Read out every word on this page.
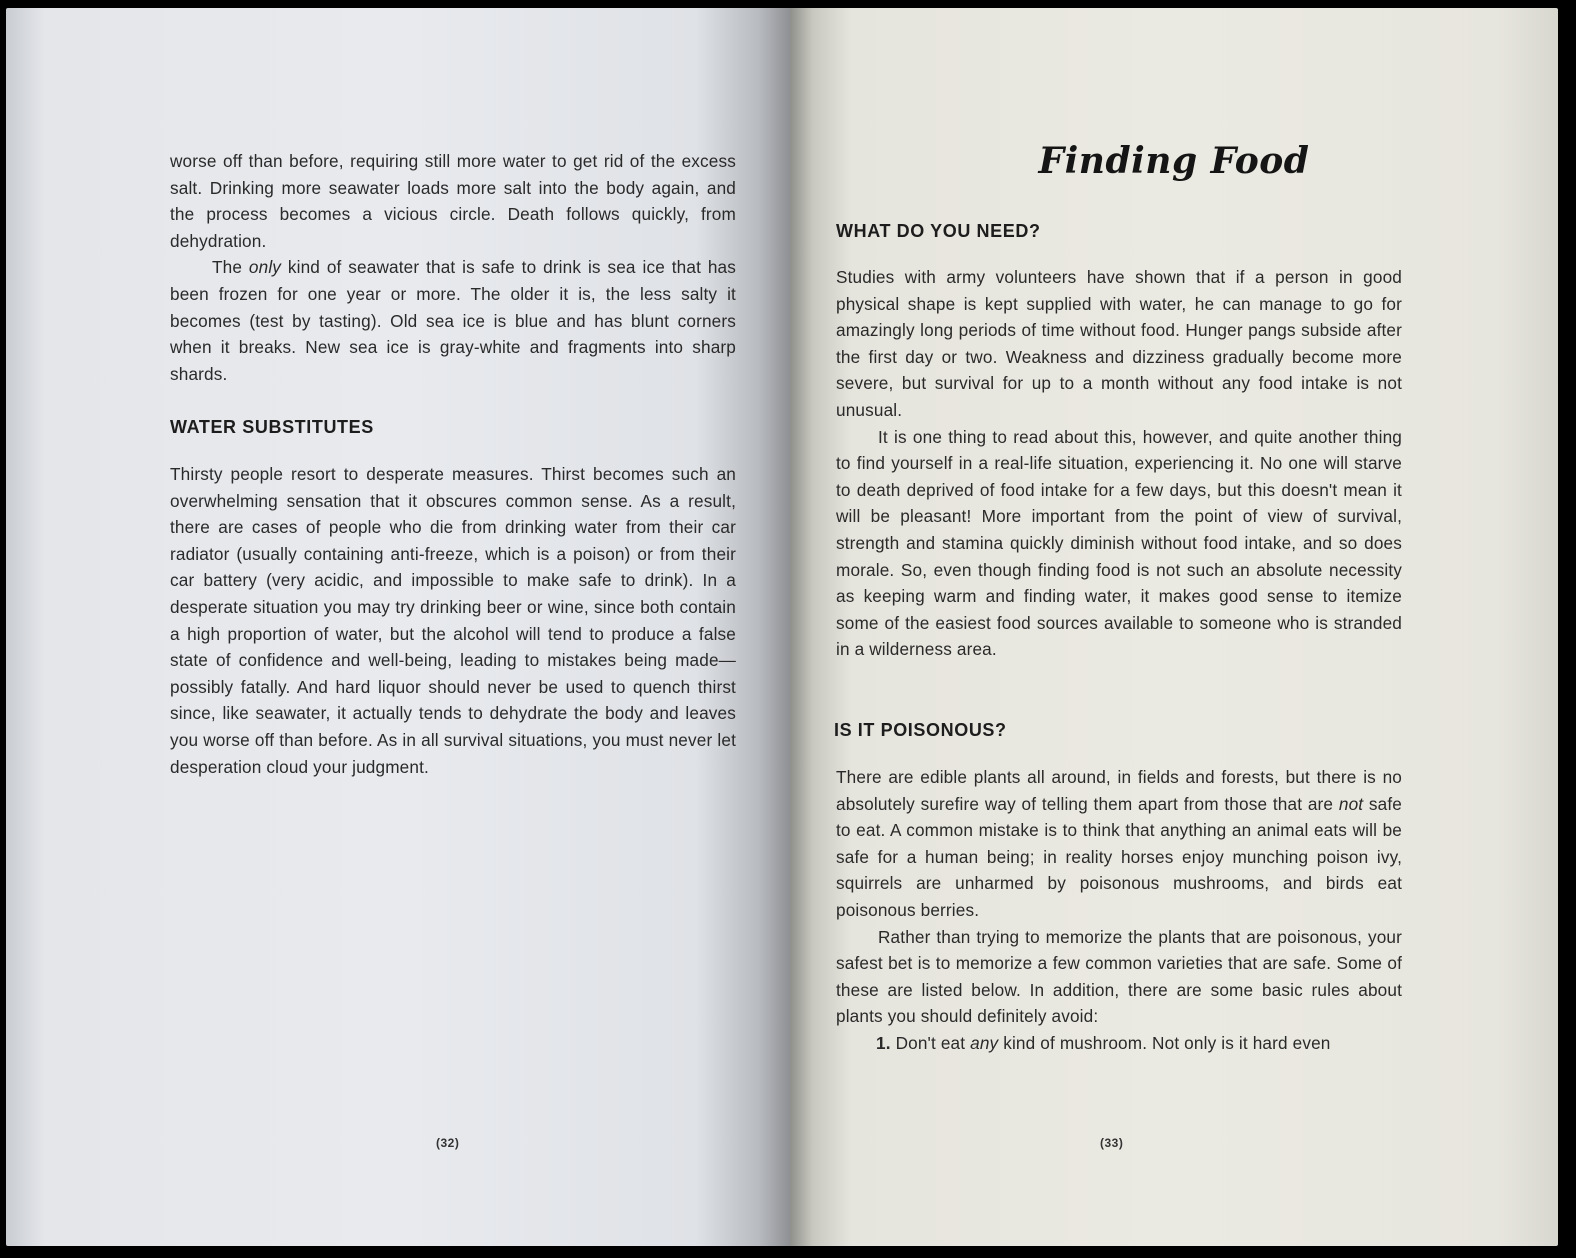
worse off than before, requiring still more water to get rid of the excess salt. Drinking more seawater loads more salt into the body again, and the process becomes a vicious circle. Death follows quickly, from dehydration.

The only kind of seawater that is safe to drink is sea ice that has been frozen for one year or more. The older it is, the less salty it becomes (test by tasting). Old sea ice is blue and has blunt corners when it breaks. New sea ice is gray-white and fragments into sharp shards.

WATER SUBSTITUTES

Thirsty people resort to desperate measures. Thirst becomes such an overwhelming sensation that it obscures common sense. As a result, there are cases of people who die from drinking water from their car radiator (usually containing anti-freeze, which is a poison) or from their car battery (very acidic, and impossible to make safe to drink). In a desperate situation you may try drinking beer or wine, since both contain a high proportion of water, but the alcohol will tend to produce a false state of confidence and well-being, leading to mistakes being made—possibly fatally. And hard liquor should never be used to quench thirst since, like seawater, it actually tends to dehydrate the body and leaves you worse off than before. As in all survival situations, you must never let desperation cloud your judgment.

(32)
Finding Food
WHAT DO YOU NEED?

Studies with army volunteers have shown that if a person in good physical shape is kept supplied with water, he can manage to go for amazingly long periods of time without food. Hunger pangs subside after the first day or two. Weakness and dizziness gradually become more severe, but survival for up to a month without any food intake is not unusual.

It is one thing to read about this, however, and quite another thing to find yourself in a real-life situation, experiencing it. No one will starve to death deprived of food intake for a few days, but this doesn't mean it will be pleasant! More important from the point of view of survival, strength and stamina quickly diminish without food intake, and so does morale. So, even though finding food is not such an absolute necessity as keeping warm and finding water, it makes good sense to itemize some of the easiest food sources available to someone who is stranded in a wilderness area.

IS IT POISONOUS?

There are edible plants all around, in fields and forests, but there is no absolutely surefire way of telling them apart from those that are not safe to eat. A common mistake is to think that anything an animal eats will be safe for a human being; in reality horses enjoy munching poison ivy, squirrels are unharmed by poisonous mushrooms, and birds eat poisonous berries.

Rather than trying to memorize the plants that are poisonous, your safest bet is to memorize a few common varieties that are safe. Some of these are listed below. In addition, there are some basic rules about plants you should definitely avoid:

1. Don't eat any kind of mushroom. Not only is it hard even

(33)
